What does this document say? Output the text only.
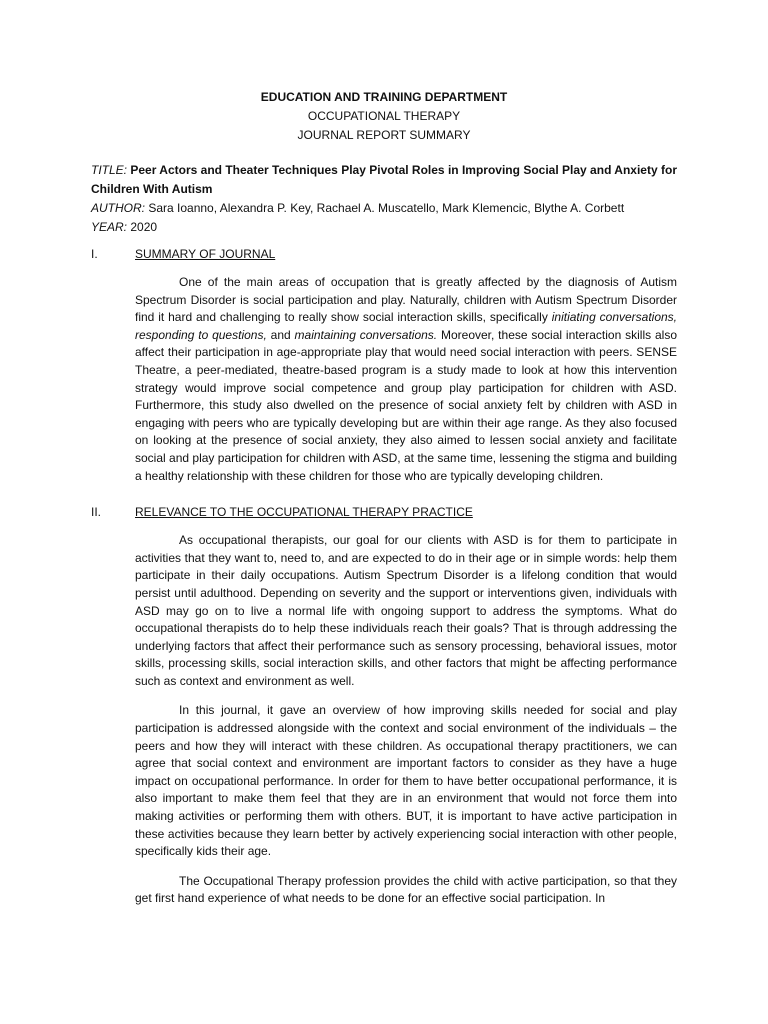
EDUCATION AND TRAINING DEPARTMENT
OCCUPATIONAL THERAPY
JOURNAL REPORT SUMMARY
TITLE: Peer Actors and Theater Techniques Play Pivotal Roles in Improving Social Play and Anxiety for Children With Autism
AUTHOR: Sara Ioanno, Alexandra P. Key, Rachael A. Muscatello, Mark Klemencic, Blythe A. Corbett
YEAR: 2020
I.	SUMMARY OF JOURNAL

One of the main areas of occupation that is greatly affected by the diagnosis of Autism Spectrum Disorder is social participation and play. Naturally, children with Autism Spectrum Disorder find it hard and challenging to really show social interaction skills, specifically initiating conversations, responding to questions, and maintaining conversations. Moreover, these social interaction skills also affect their participation in age-appropriate play that would need social interaction with peers. SENSE Theatre, a peer-mediated, theatre-based program is a study made to look at how this intervention strategy would improve social competence and group play participation for children with ASD. Furthermore, this study also dwelled on the presence of social anxiety felt by children with ASD in engaging with peers who are typically developing but are within their age range. As they also focused on looking at the presence of social anxiety, they also aimed to lessen social anxiety and facilitate social and play participation for children with ASD, at the same time, lessening the stigma and building a healthy relationship with these children for those who are typically developing children.

II.	RELEVANCE TO THE OCCUPATIONAL THERAPY PRACTICE

As occupational therapists, our goal for our clients with ASD is for them to participate in activities that they want to, need to, and are expected to do in their age or in simple words: help them participate in their daily occupations. Autism Spectrum Disorder is a lifelong condition that would persist until adulthood. Depending on severity and the support or interventions given, individuals with ASD may go on to live a normal life with ongoing support to address the symptoms. What do occupational therapists do to help these individuals reach their goals? That is through addressing the underlying factors that affect their performance such as sensory processing, behavioral issues, motor skills, processing skills, social interaction skills, and other factors that might be affecting performance such as context and environment as well.

In this journal, it gave an overview of how improving skills needed for social and play participation is addressed alongside with the context and social environment of the individuals – the peers and how they will interact with these children. As occupational therapy practitioners, we can agree that social context and environment are important factors to consider as they have a huge impact on occupational performance. In order for them to have better occupational performance, it is also important to make them feel that they are in an environment that would not force them into making activities or performing them with others. BUT, it is important to have active participation in these activities because they learn better by actively experiencing social interaction with other people, specifically kids their age.

The Occupational Therapy profession provides the child with active participation, so that they get first hand experience of what needs to be done for an effective social participation. In
